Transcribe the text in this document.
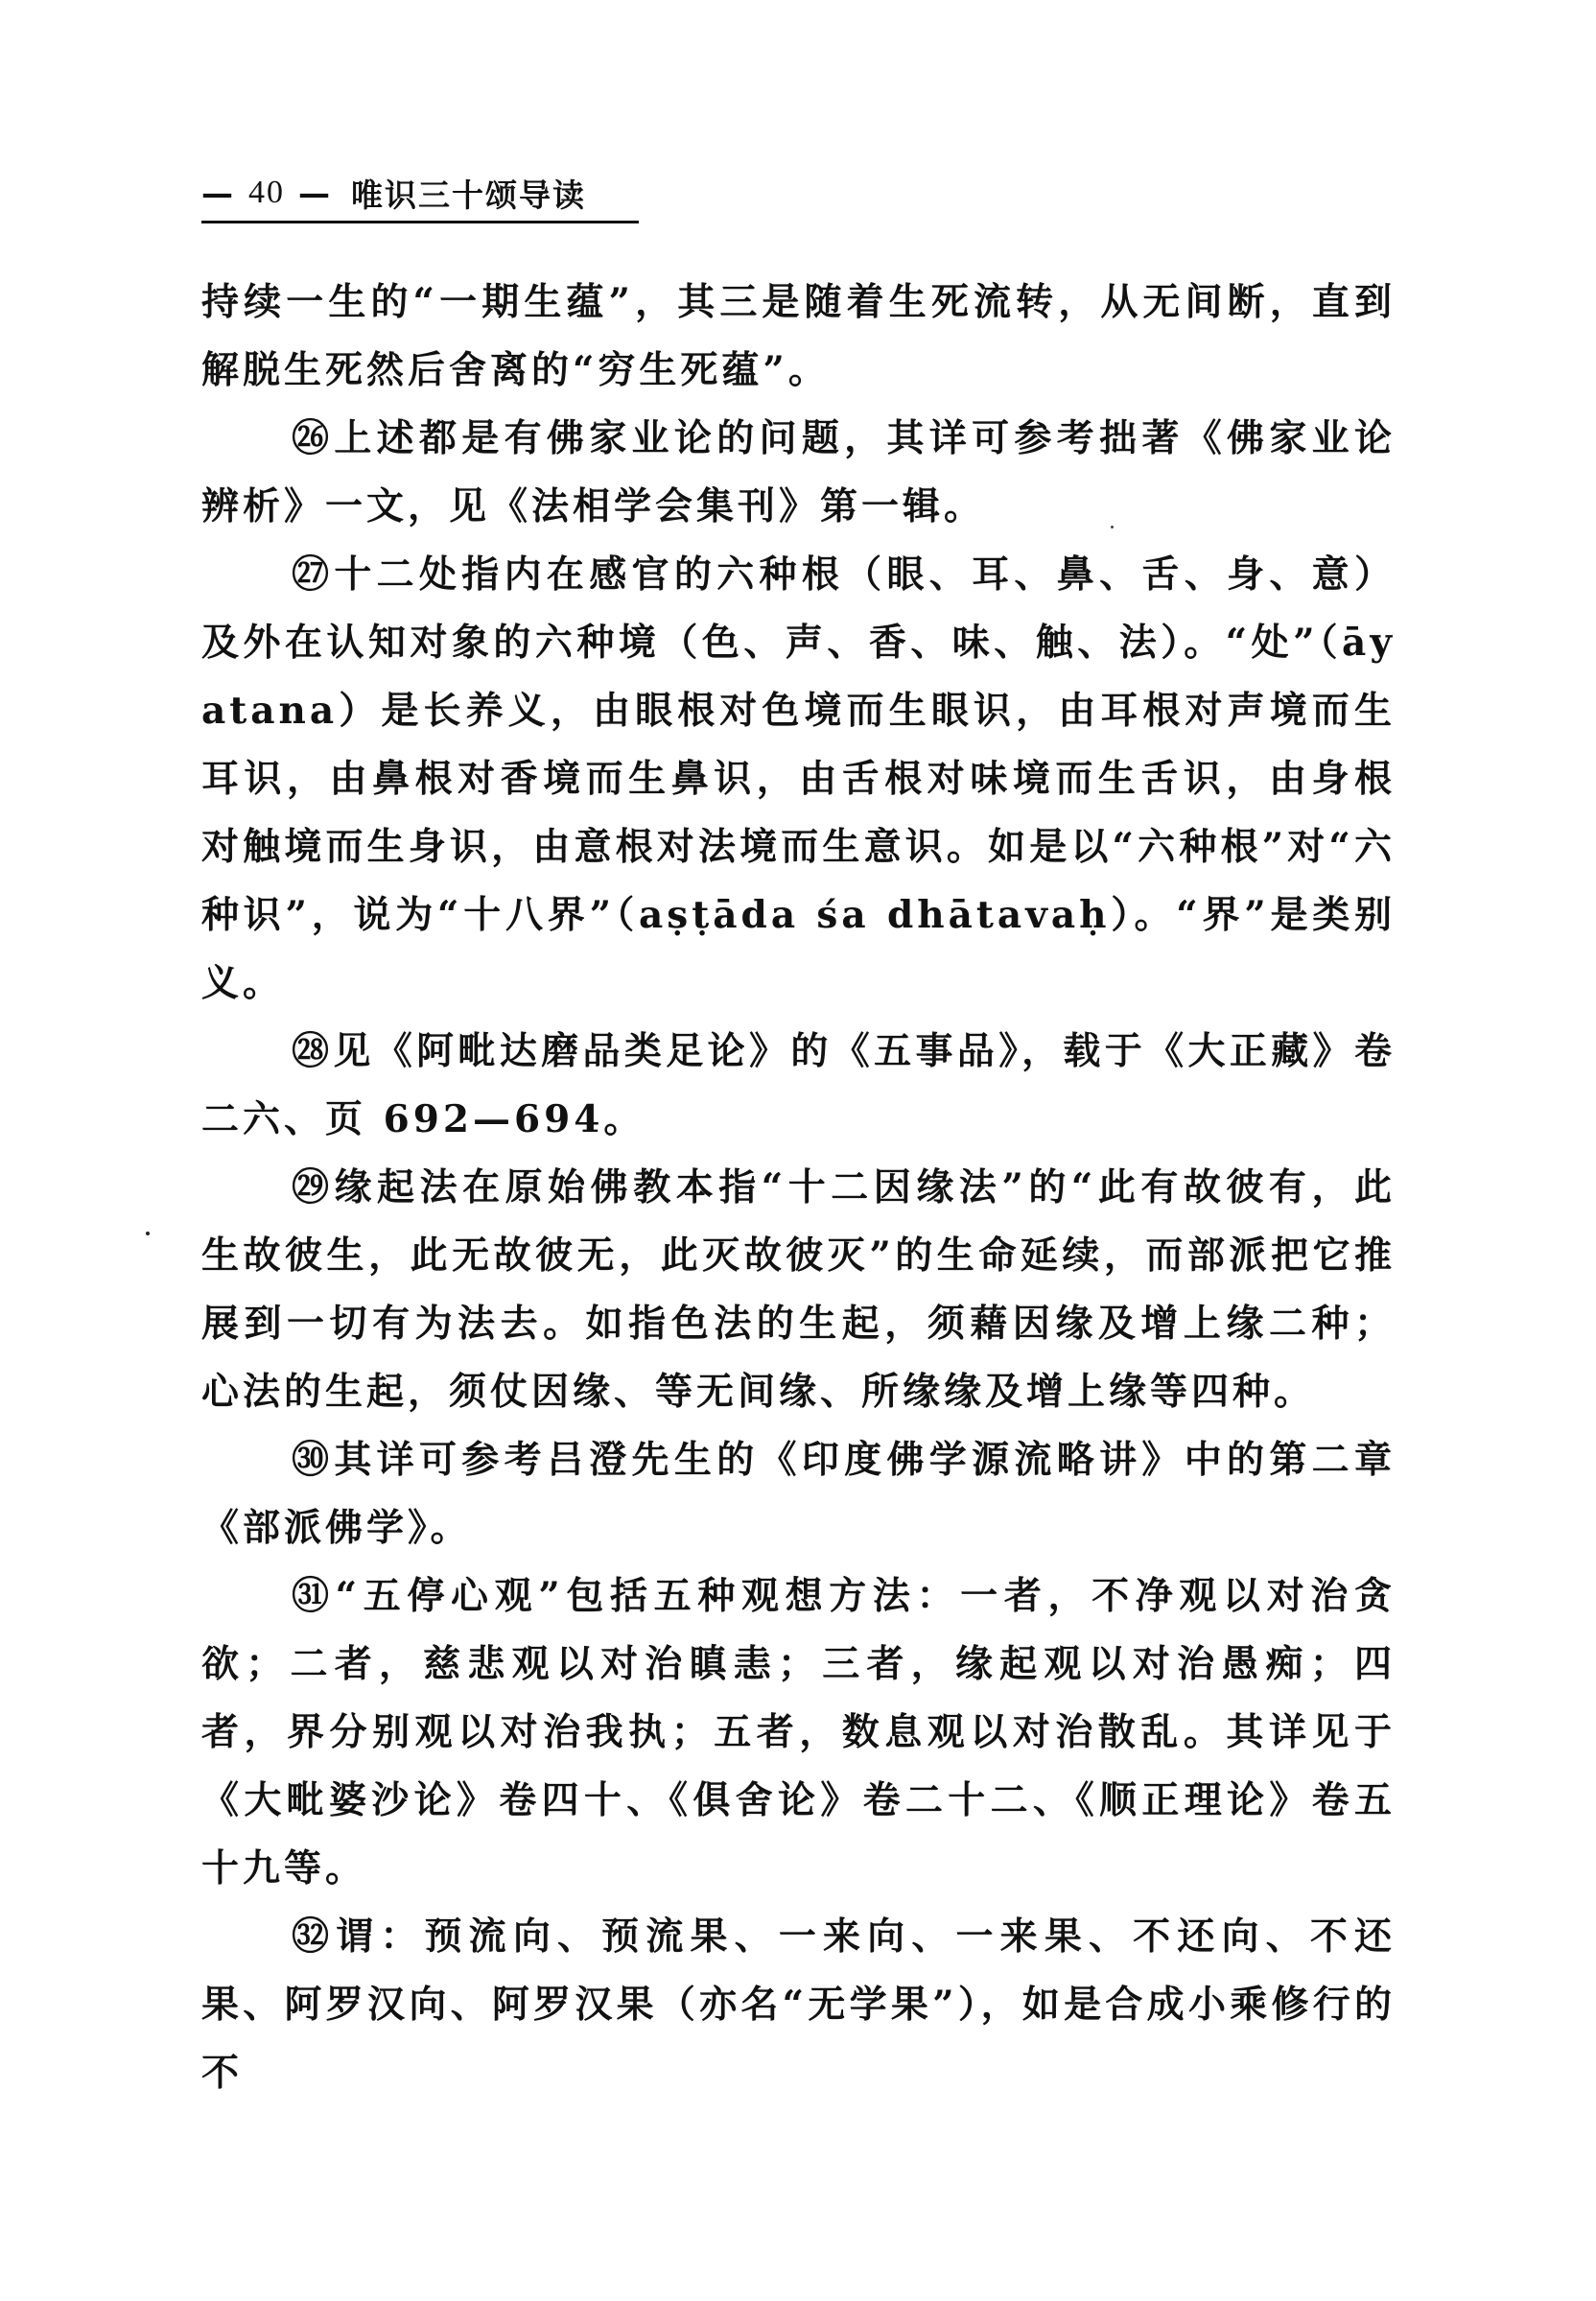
— 40 — 唯识三十颂导读

持续一生的“一期生蕴”，其三是随着生死流转，从无间断，直到解脱生死然后舍离的“穷生死蕴”。

㉖上述都是有佛家业论的问题，其详可参考拙著《佛家业论辨析》一文，见《法相学会集刊》第一辑。

㉗十二处指内在感官的六种根（眼、耳、鼻、舌、身、意）及外在认知对象的六种境（色、声、香、味、触、法）。“处”（āyatana）是长养义，由眼根对色境而生眼识，由耳根对声境而生耳识，由鼻根对香境而生鼻识，由舌根对味境而生舌识，由身根对触境而生身识，由意根对法境而生意识。如是以“六种根”对“六种识”，说为“十八界”（aṣṭāda śa dhātavaḥ）。“界”是类别义。

㉘见《阿毗达磨品类足论》的《五事品》，载于《大正藏》卷二六、页 692—694。

㉙缘起法在原始佛教本指“十二因缘法”的“此有故彼有，此生故彼生，此无故彼无，此灭故彼灭”的生命延续，而部派把它推展到一切有为法去。如指色法的生起，须藉因缘及增上缘二种；心法的生起，须仗因缘、等无间缘、所缘缘及增上缘等四种。

㉚其详可参考吕澄先生的《印度佛学源流略讲》中的第二章《部派佛学》。

㉛“五停心观”包括五种观想方法：一者，不净观以对治贪欲；二者，慈悲观以对治瞋恚；三者，缘起观以对治愚痴；四者，界分别观以对治我执；五者，数息观以对治散乱。其详见于《大毗婆沙论》卷四十、《俱舍论》卷二十二、《顺正理论》卷五十九等。

㉜谓：预流向、预流果、一来向、一来果、不还向、不还果、阿罗汉向、阿罗汉果（亦名“无学果”），如是合成小乘修行的不
